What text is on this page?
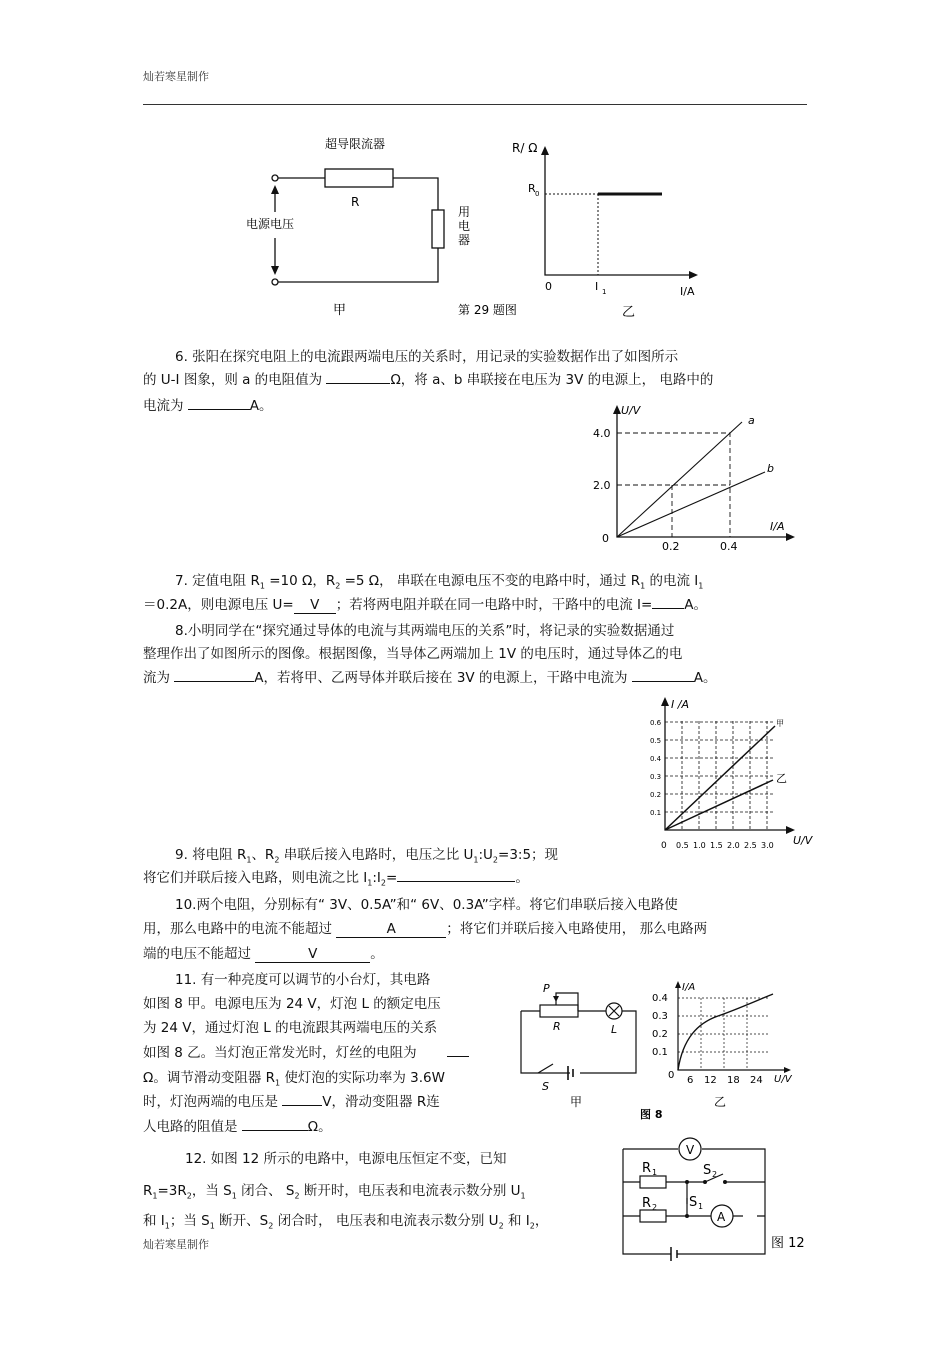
灿若寒星制作
灿若寒星制作
超导限流器
R
电源电压
用
电
器
甲	第 29 题图	乙
R/ Ω
R 0
0	I 1	I/A
6. 张阳在探究电阻上的电流跟两端电压的关系时，用记录的实验数据作出了如图所示
的 U-I 图象，则 a 的电阻值为	Ω，将 a、b 串联接在电压为 3V 的电源上， 电路中的
电流为	A。	U/V
I/A
0
4.0
2.0
0.2	0.4
a
b
7. 定值电阻 $R_1 =10$ Ω，$R_2 =5$ Ω， 串联在电源电压不变的电路中时，通过 $R_1$ 的电流 $I_1$
＝0.2A，则电源电压 U= V ；若将两电阻并联在同一电路中时，干路中的电流 I= A。
8.小明同学在“探究通过导体的电流与其两端电压的关系”时，将记录的实验数据通过
整理作出了如图所示的图像。根据图像，当导体乙两端加上 1V 的电压时，通过导体乙的电
流为	A，若将甲、乙两导体并联后接在 3V 的电源上，干路中电流为	A。
I /A
U/V
0
0.6
0.5
0.4
0.3
0.2
0.1
0.5 1.0 1.5 2.0 2.5 3.0
甲
乙
9. 将电阻 $R_1$、$R_2$ 串联后接入电路时，电压之比 $U_1:U_2=3:5$；现
将它们并联后接入电路，则电流之比 $I_1:I_2=$	。
10.两个电阻，分别标有“ 3V、0.5A”和“ 6V、0.3A”字样。将它们串联后接入电路使
用，那么电路中的电流不能超过	A	；将它们并联后接入电路使用， 那么电路两
端的电压不能超过	V	。
11. 有一种亮度可以调节的小台灯，其电路
如图 8 甲。电源电压为 24 V，灯泡 L 的额定电压
为 24 V，通过灯泡 L 的电流跟其两端电压的关系
如图 8 乙。当灯泡正常发光时，灯丝的电阻为
Ω。调节滑动变阻器 $R_1$ 使灯泡的实际功率为 3.6W
时，灯泡两端的电压是	V，滑动变阻器 R连
人电路的阻值是	Ω。
P
R	L
S
甲
图 8
乙
I/A
U/V
0
0.4
0.3
0.2
0.1
6 12 18 24
12. 如图 12 所示的电路中，电源电压恒定不变，已知
$R_1=3R_2$，当 $S_1$ 闭合、 $S_2$ 断开时，电压表和电流表示数分别 $U_1$
和 $I_1$；当 $S_1$ 断开、$S_2$ 闭合时， 电压表和电流表示数分别 $U_2$ 和 $I_2$，
V
A
R 1
R 2
S 2
S 1
图 12
